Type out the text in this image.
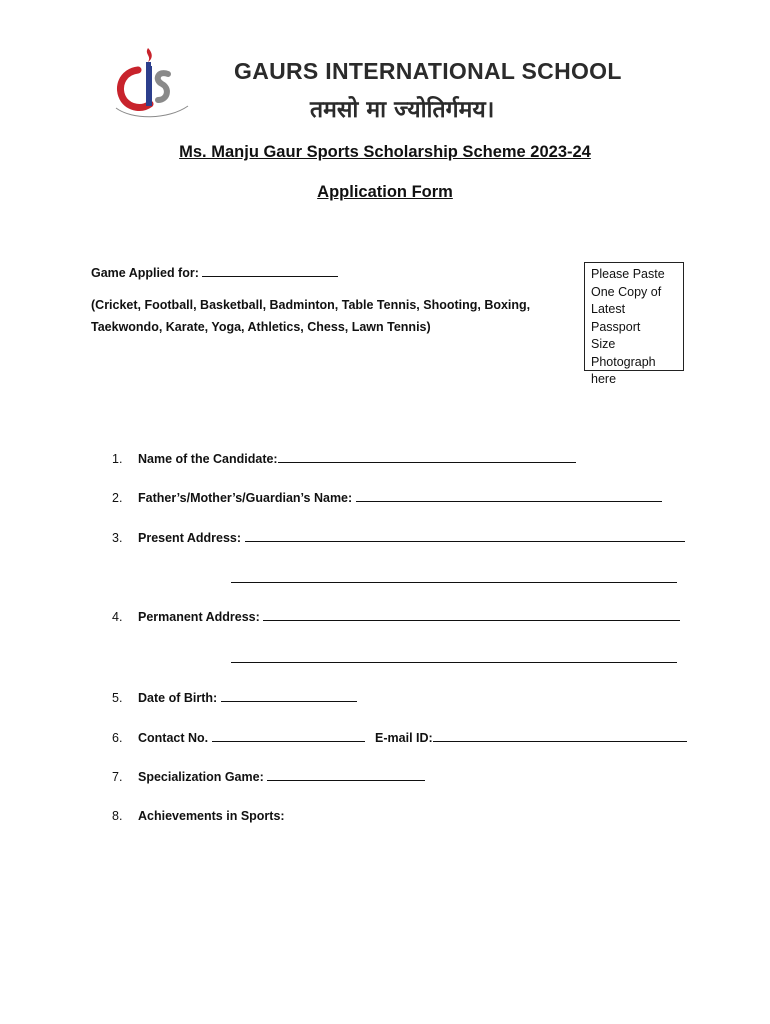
GAURS INTERNATIONAL SCHOOL
तमसो मा ज्योतिर्गमय।
Ms. Manju Gaur Sports Scholarship Scheme 2023-24
Application Form
Game Applied for:
(Cricket, Football, Basketball, Badminton, Table Tennis, Shooting, Boxing,
Taekwondo, Karate, Yoga, Athletics, Chess, Lawn Tennis)
Please Paste
One Copy of
Latest Passport
Size
Photograph
here
1. Name of the Candidate:
2. Father’s/Mother’s/Guardian’s Name:
3. Present Address:
4. Permanent Address:
5. Date of Birth:
6. Contact No.	E-mail ID:
7. Specialization Game:
8. Achievements in Sports:
